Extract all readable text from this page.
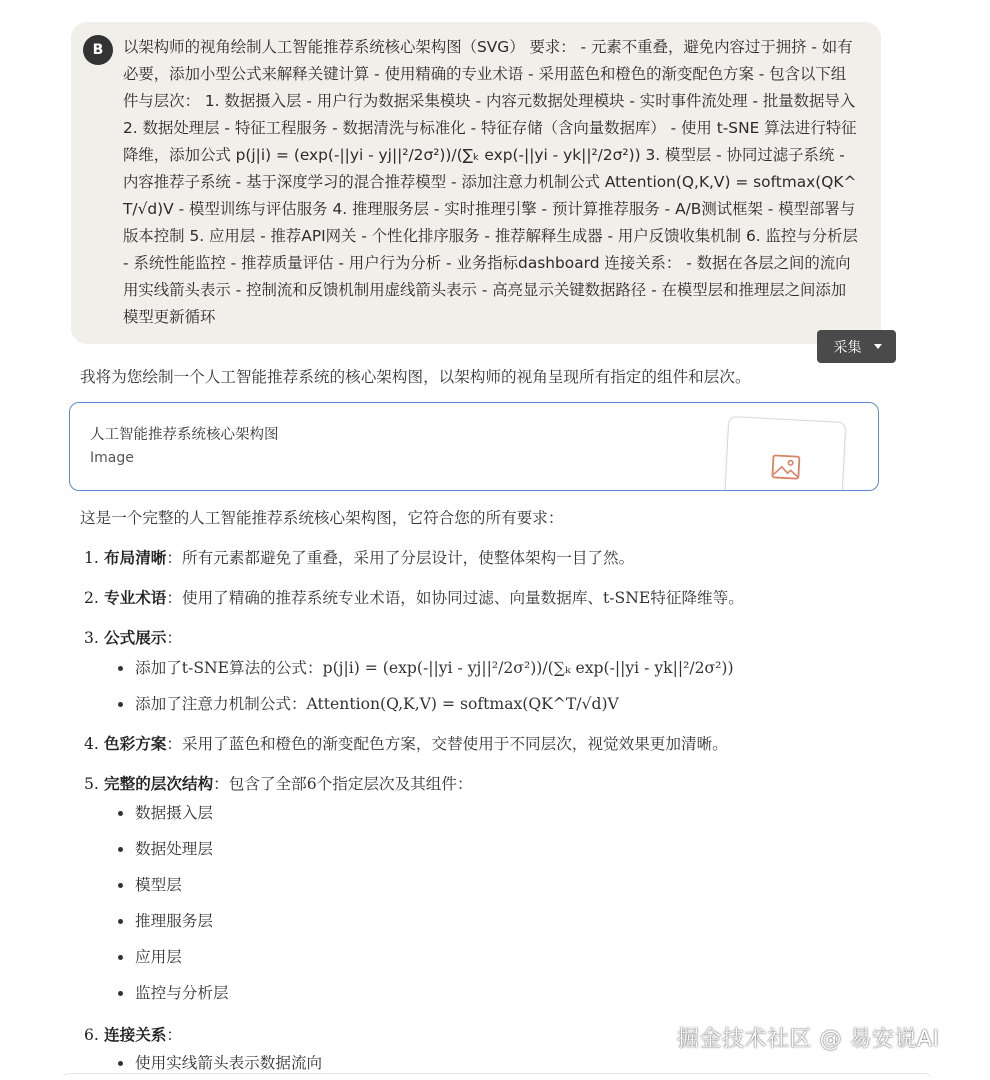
B	以架构师的视角绘制人工智能推荐系统核心架构图（SVG） 要求： - 元素不重叠，避免内容过于拥挤 - 如有必要，添加小型公式来解释关键计算 - 使用精确的专业术语 - 采用蓝色和橙色的渐变配色方案 - 包含以下组件与层次： 1. 数据摄入层 - 用户行为数据采集模块 - 内容元数据处理模块 - 实时事件流处理 - 批量数据导入 2. 数据处理层 - 特征工程服务 - 数据清洗与标准化 - 特征存储（含向量数据库） - 使用 t-SNE 算法进行特征降维，添加公式 p(j|i) = (exp(-||yi - yj||²/2σ²))/(∑ₖ exp(-||yi - yk||²/2σ²)) 3. 模型层 - 协同过滤子系统 - 内容推荐子系统 - 基于深度学习的混合推荐模型 - 添加注意力机制公式 Attention(Q,K,V) = softmax(QK^T/√d)V - 模型训练与评估服务 4. 推理服务层 - 实时推理引擎 - 预计算推荐服务 - A/B测试框架 - 模型部署与版本控制 5. 应用层 - 推荐API网关 - 个性化排序服务 - 推荐解释生成器 - 用户反馈收集机制 6. 监控与分析层 - 系统性能监控 - 推荐质量评估 - 用户行为分析 - 业务指标dashboard 连接关系： - 数据在各层之间的流向用实线箭头表示 - 控制流和反馈机制用虚线箭头表示 - 高亮显示关键数据路径 - 在模型层和推理层之间添加模型更新循环

采集

我将为您绘制一个人工智能推荐系统的核心架构图，以架构师的视角呈现所有指定的组件和层次。

人工智能推荐系统核心架构图
Image

这是一个完整的人工智能推荐系统核心架构图，它符合您的所有要求：

1. 布局清晰：所有元素都避免了重叠，采用了分层设计，使整体架构一目了然。
2. 专业术语：使用了精确的推荐系统专业术语，如协同过滤、向量数据库、t-SNE特征降维等。
3. 公式展示：
添加了t-SNE算法的公式：p(j|i) = (exp(-||yi - yj||²/2σ²))/(∑ₖ exp(-||yi - yk||²/2σ²))
添加了注意力机制公式：Attention(Q,K,V) = softmax(QK^T/√d)V
4. 色彩方案：采用了蓝色和橙色的渐变配色方案，交替使用于不同层次，视觉效果更加清晰。
5. 完整的层次结构：包含了全部6个指定层次及其组件：
数据摄入层
数据处理层
模型层
推理服务层
应用层
监控与分析层
6. 连接关系：
使用实线箭头表示数据流向
掘金技术社区 @ 易安说AI
